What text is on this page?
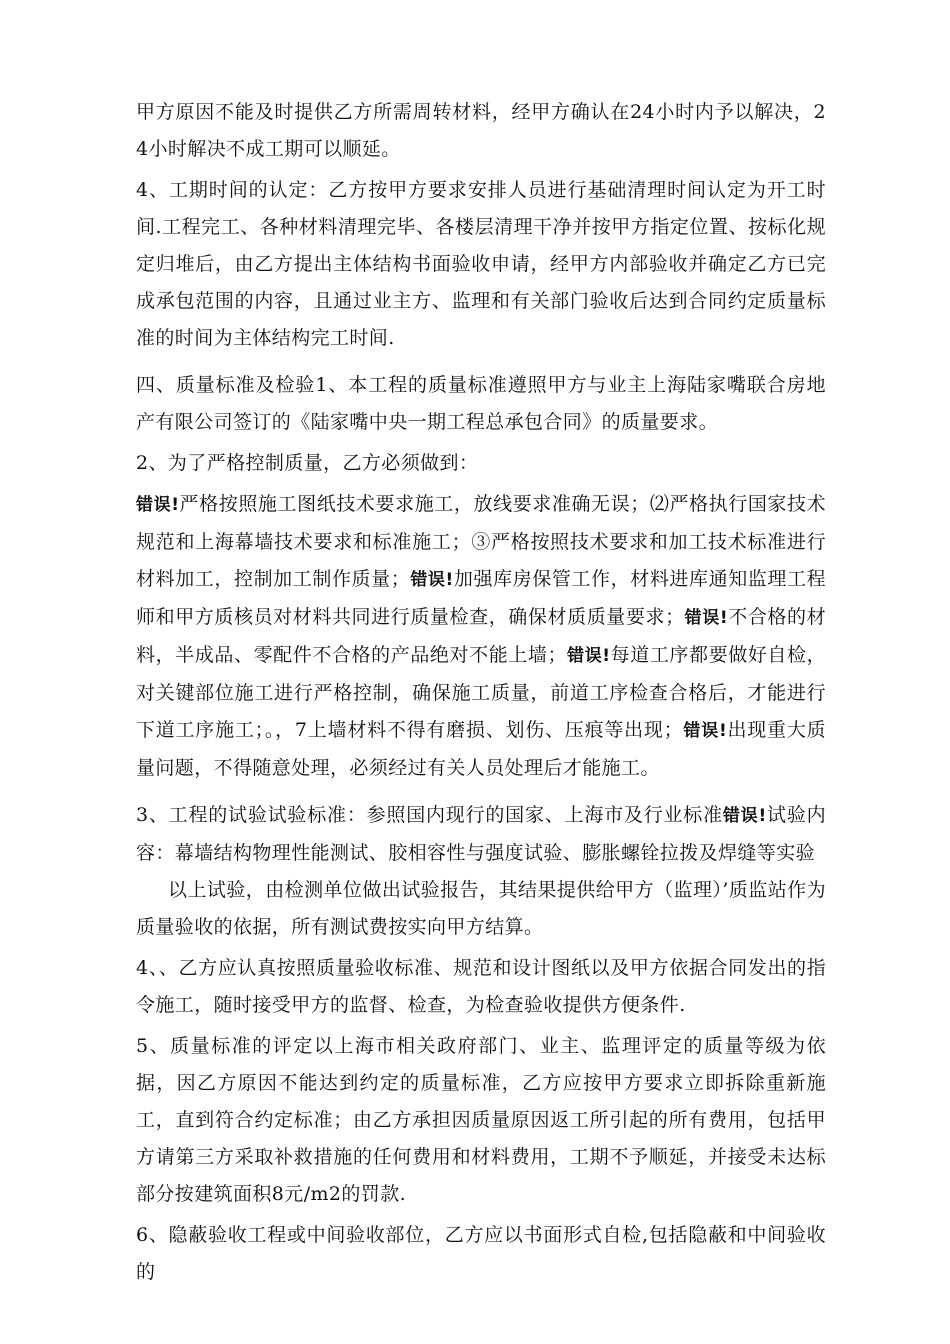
甲方原因不能及时提供乙方所需周转材料，经甲方确认在24小时内予以解决，24小时解决不成工期可以顺延。

4、工期时间的认定：乙方按甲方要求安排人员进行基础清理时间认定为开工时间.工程完工、各种材料清理完毕、各楼层清理干净并按甲方指定位置、按标化规定归堆后，由乙方提出主体结构书面验收申请，经甲方内部验收并确定乙方已完成承包范围的内容，且通过业主方、监理和有关部门验收后达到合同约定质量标准的时间为主体结构完工时间.

四、质量标准及检验1、本工程的质量标准遵照甲方与业主上海陆家嘴联合房地产有限公司签订的《陆家嘴中央一期工程总承包合同》的质量要求。

2、为了严格控制质量，乙方必须做到：

错误!严格按照施工图纸技术要求施工，放线要求准确无误；⑵严格执行国家技术规范和上海幕墙技术要求和标准施工；③严格按照技术要求和加工技术标准进行材料加工，控制加工制作质量；错误!加强库房保管工作，材料进库通知监理工程师和甲方质核员对材料共同进行质量检查，确保材质质量要求；错误!不合格的材料，半成品、零配件不合格的产品绝对不能上墙；错误!每道工序都要做好自检，对关键部位施工进行严格控制，确保施工质量，前道工序检查合格后，才能进行下道工序施工；。，7上墙材料不得有磨损、划伤、压痕等出现；错误!出现重大质量问题，不得随意处理，必须经过有关人员处理后才能施工。

3、工程的试验试验标准：参照国内现行的国家、上海市及行业标准错误!试验内容：幕墙结构物理性能测试、胶相容性与强度试验、膨胀螺铨拉拨及焊缝等实验

以上试验，由检测单位做出试验报告，其结果提供给甲方（监理）’质监站作为质量验收的依据，所有测试费按实向甲方结算。

4、、乙方应认真按照质量验收标准、规范和设计图纸以及甲方依据合同发出的指令施工，随时接受甲方的监督、检查，为检查验收提供方便条件.

5、质量标准的评定以上海市相关政府部门、业主、监理评定的质量等级为依据，因乙方原因不能达到约定的质量标准，乙方应按甲方要求立即拆除重新施工，直到符合约定标准；由乙方承担因质量原因返工所引起的所有费用，包括甲方请第三方采取补救措施的任何费用和材料费用，工期不予顺延，并接受未达标部分按建筑面积8元/m2的罚款.

6、隐蔽验收工程或中间验收部位，乙方应以书面形式自检,包括隐蔽和中间验收的
